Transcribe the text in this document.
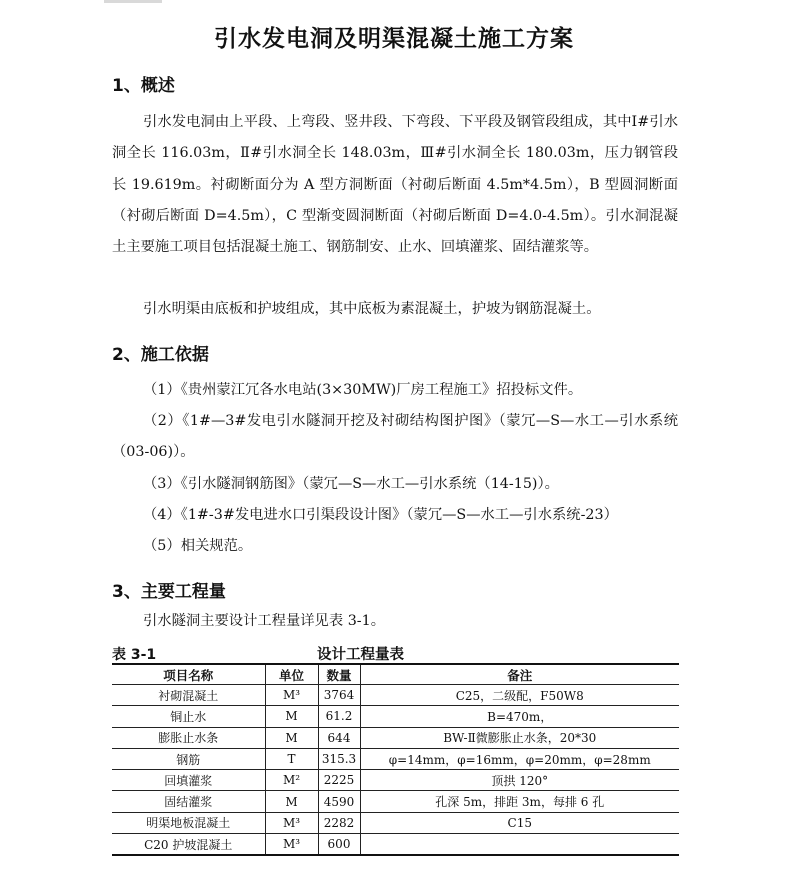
引水发电洞及明渠混凝土施工方案
1、概述

引水发电洞由上平段、上弯段、竖井段、下弯段、下平段及钢管段组成，其中Ⅰ#引水洞全长 116.03m，Ⅱ#引水洞全长 148.03m，Ⅲ#引水洞全长 180.03m，压力钢管段长 19.619m。衬砌断面分为 A 型方洞断面（衬砌后断面 4.5m*4.5m），B 型圆洞断面（衬砌后断面 D=4.5m），C 型渐变圆洞断面（衬砌后断面 D=4.0-4.5m）。引水洞混凝土主要施工项目包括混凝土施工、钢筋制安、止水、回填灌浆、固结灌浆等。

引水明渠由底板和护坡组成，其中底板为素混凝土，护坡为钢筋混凝土。

2、施工依据

（1）《贵州蒙江冗各水电站(3×30MW)厂房工程施工》招投标文件。

（2）《1#—3#发电引水隧洞开挖及衬砌结构图护图》（蒙冗—S—水工—引水系统（03-06)）。

（3）《引水隧洞钢筋图》（蒙冗—S—水工—引水系统（14-15)）。

（4）《1#-3#发电进水口引渠段设计图》（蒙冗—S—水工—引水系统-23）

（5）相关规范。

3、主要工程量

引水隧洞主要设计工程量详见表 3-1。

表 3-1	设计工程量表
项目名称	单位	数量	备注
衬砌混凝土	M³	3764	C25，二级配，F50W8
铜止水	M	61.2	B=470m，
膨胀止水条	M	644	BW-Ⅱ微膨胀止水条，20*30
钢筋	T	315.3	φ=14mm，φ=16mm，φ=20mm，φ=28mm
回填灌浆	M²	2225	顶拱 120°
固结灌浆	M	4590	孔深 5m，排距 3m，每排 6 孔
明渠地板混凝土	M³	2282	C15
C20 护坡混凝土	M³	600	
